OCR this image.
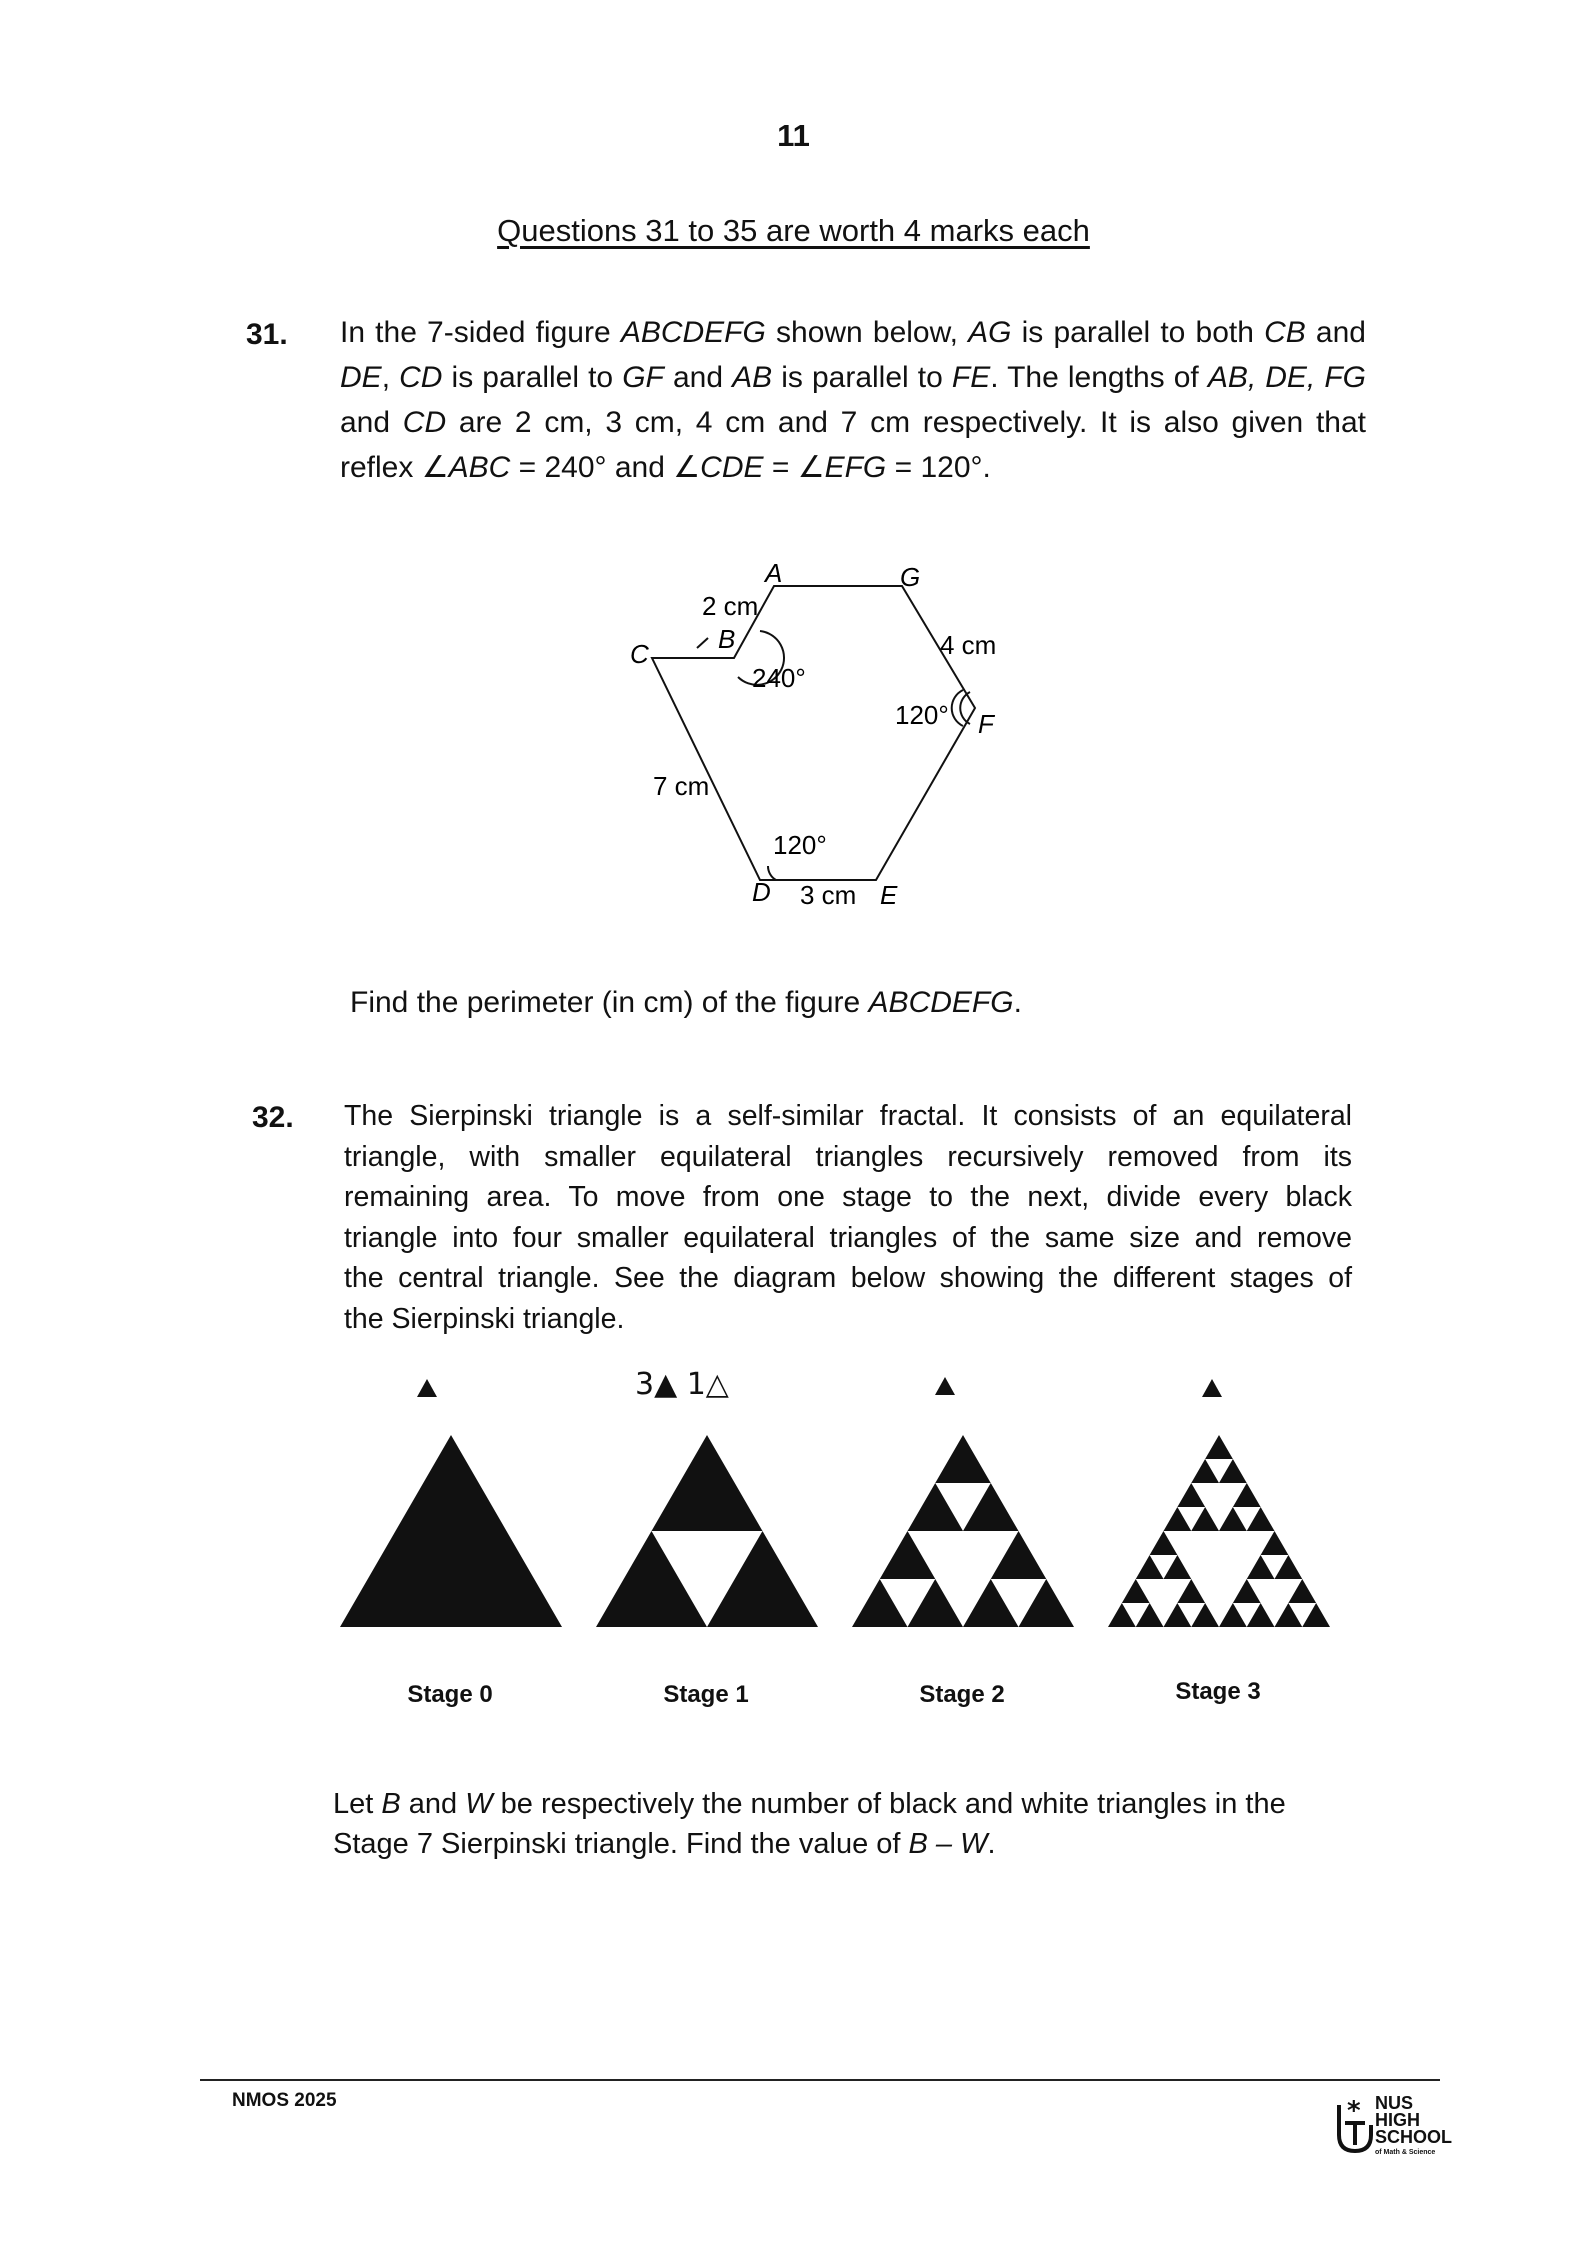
11
Questions 31 to 35 are worth 4 marks each
31. In the 7-sided figure ABCDEFG shown below, AG is parallel to both CB and
DE, CD is parallel to GF and AB is parallel to FE. The lengths of AB, DE, FG
and CD are 2 cm, 3 cm, 4 cm and 7 cm respectively. It is also given that
reflex ∠ABC = 240° and ∠CDE = ∠EFG = 120°.
A	G
C	B
2 cm
240°
4 cm
120° F
7 cm
120°
D 3 cm E
Find the perimeter (in cm) of the figure ABCDEFG.
32. The Sierpinski triangle is a self-similar fractal. It consists of an equilateral
triangle, with smaller equilateral triangles recursively removed from its
remaining area. To move from one stage to the next, divide every black
triangle into four smaller equilateral triangles of the same size and remove
the central triangle. See the diagram below showing the different stages of
the Sierpinski triangle.
3▲ 1△
Stage 0	Stage 1	Stage 2	Stage 3
Let B and W be respectively the number of black and white triangles in the
Stage 7 Sierpinski triangle. Find the value of B – W.
NMOS 2025	* NUS
HIGH
SCHOOL
of Math & Science
